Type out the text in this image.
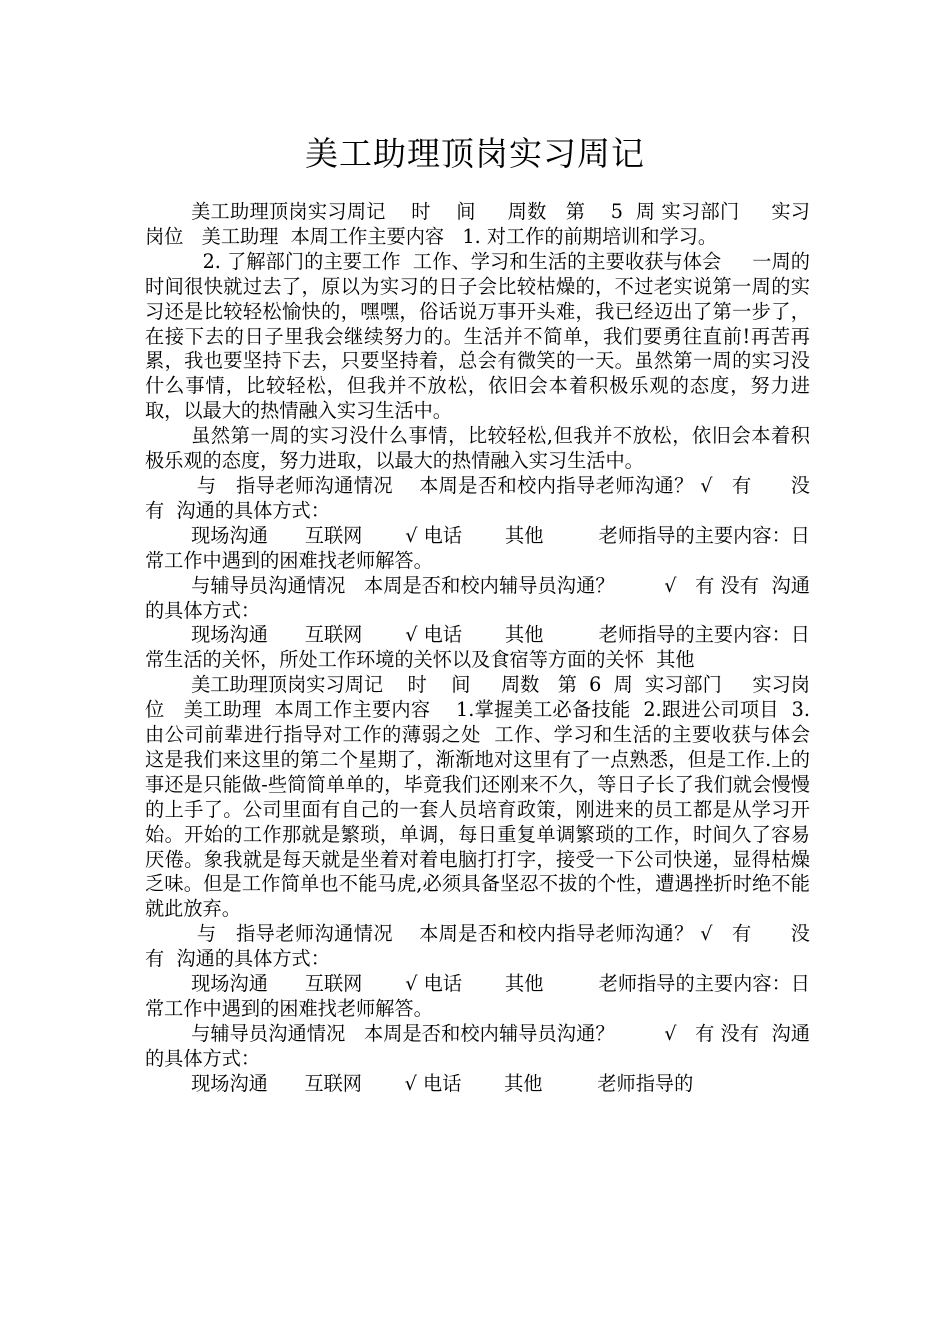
美工助理顶岗实习周记

美工助理顶岗实习周记    时    间     周数   第    5  周 实习部门     实习岗位   美工助理  本周工作主要内容   1. 对工作的前期培训和学习。

2. 了解部门的主要工作  工作、学习和生活的主要收获与体会     一周的时间很快就过去了，原以为实习的日子会比较枯燥的，不过老实说第一周的实习还是比较轻松愉快的，嘿嘿，俗话说万事开头难，我已经迈出了第一步了，在接下去的日子里我会继续努力的。生活并不简单，我们要勇往直前!再苦再累，我也要坚持下去，只要坚持着，总会有微笑的一天。虽然第一周的实习没什么事情，比较轻松，但我并不放松，依旧会本着积极乐观的态度，努力进取，以最大的热情融入实习生活中。

虽然第一周的实习没什么事情，比较轻松,但我并不放松，依旧会本着积极乐观的态度，努力进取，以最大的热情融入实习生活中。

与   指导老师沟通情况    本周是否和校内指导老师沟通？ √   有      没有  沟通的具体方式：

现场沟通      互联网       √ 电话       其他         老师指导的主要内容：日常工作中遇到的困难找老师解答。

与辅导员沟通情况   本周是否和校内辅导员沟通？        √   有 没有  沟通的具体方式：

现场沟通      互联网       √ 电话       其他         老师指导的主要内容：日常生活的关怀，所处工作环境的关怀以及食宿等方面的关怀  其他

美工助理顶岗实习周记    时    间     周数   第  6  周  实习部门     实习岗位   美工助理  本周工作主要内容    1.掌握美工必备技能  2.跟进公司项目  3.由公司前辈进行指导对工作的薄弱之处  工作、学习和生活的主要收获与体会     这是我们来这里的第二个星期了，渐渐地对这里有了一点熟悉，但是工作.上的事还是只能做-些简简单单的，毕竟我们还刚来不久，等日子长了我们就会慢慢的上手了。公司里面有自己的一套人员培育政策，刚进来的员工都是从学习开始。开始的工作那就是繁琐，单调，每日重复单调繁琐的工作，时间久了容易厌倦。象我就是每天就是坐着对着电脑打打字，接受一下公司快递，显得枯燥乏味。但是工作简单也不能马虎,必须具备坚忍不拔的个性，遭遇挫折时绝不能就此放弃。

与   指导老师沟通情况    本周是否和校内指导老师沟通？ √   有      没有  沟通的具体方式：

现场沟通      互联网       √ 电话       其他         老师指导的主要内容：日常工作中遇到的困难找老师解答。

与辅导员沟通情况   本周是否和校内辅导员沟通？        √   有 没有  沟通的具体方式：

现场沟通      互联网       √ 电话       其他         老师指导的
